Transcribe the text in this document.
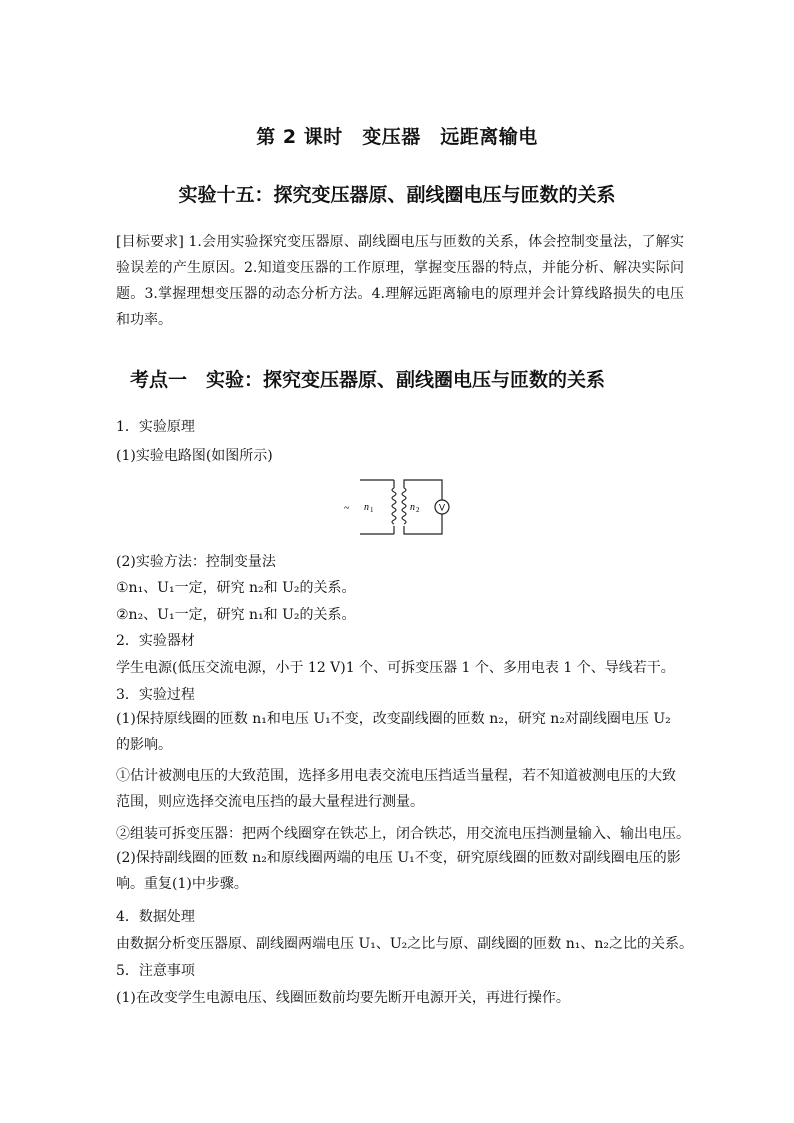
第 2 课时　变压器　远距离输电
实验十五：探究变压器原、副线圈电压与匝数的关系
[目标要求] 1.会用实验探究变压器原、副线圈电压与匝数的关系，体会控制变量法，了解实验误差的产生原因。2.知道变压器的工作原理，掌握变压器的特点，并能分析、解决实际问题。3.掌握理想变压器的动态分析方法。4.理解远距离输电的原理并会计算线路损失的电压和功率。
考点一　实验：探究变压器原、副线圈电压与匝数的关系
1．实验原理
(1)实验电路图(如图所示)
V
~ n 1	n 2
(2)实验方法：控制变量法
①n₁、U₁一定，研究 n₂和 U₂的关系。
②n₂、U₁一定，研究 n₁和 U₂的关系。
2．实验器材
学生电源(低压交流电源，小于 12 V)1 个、可拆变压器 1 个、多用电表 1 个、导线若干。
3．实验过程
(1)保持原线圈的匝数 n₁和电压 U₁不变，改变副线圈的匝数 n₂，研究 n₂对副线圈电压 U₂的影响。
①估计被测电压的大致范围，选择多用电表交流电压挡适当量程，若不知道被测电压的大致范围，则应选择交流电压挡的最大量程进行测量。
②组装可拆变压器：把两个线圈穿在铁芯上，闭合铁芯，用交流电压挡测量输入、输出电压。
(2)保持副线圈的匝数 n₂和原线圈两端的电压 U₁不变，研究原线圈的匝数对副线圈电压的影响。重复(1)中步骤。
4．数据处理
由数据分析变压器原、副线圈两端电压 U₁、U₂之比与原、副线圈的匝数 n₁、n₂之比的关系。
5．注意事项
(1)在改变学生电源电压、线圈匝数前均要先断开电源开关，再进行操作。
